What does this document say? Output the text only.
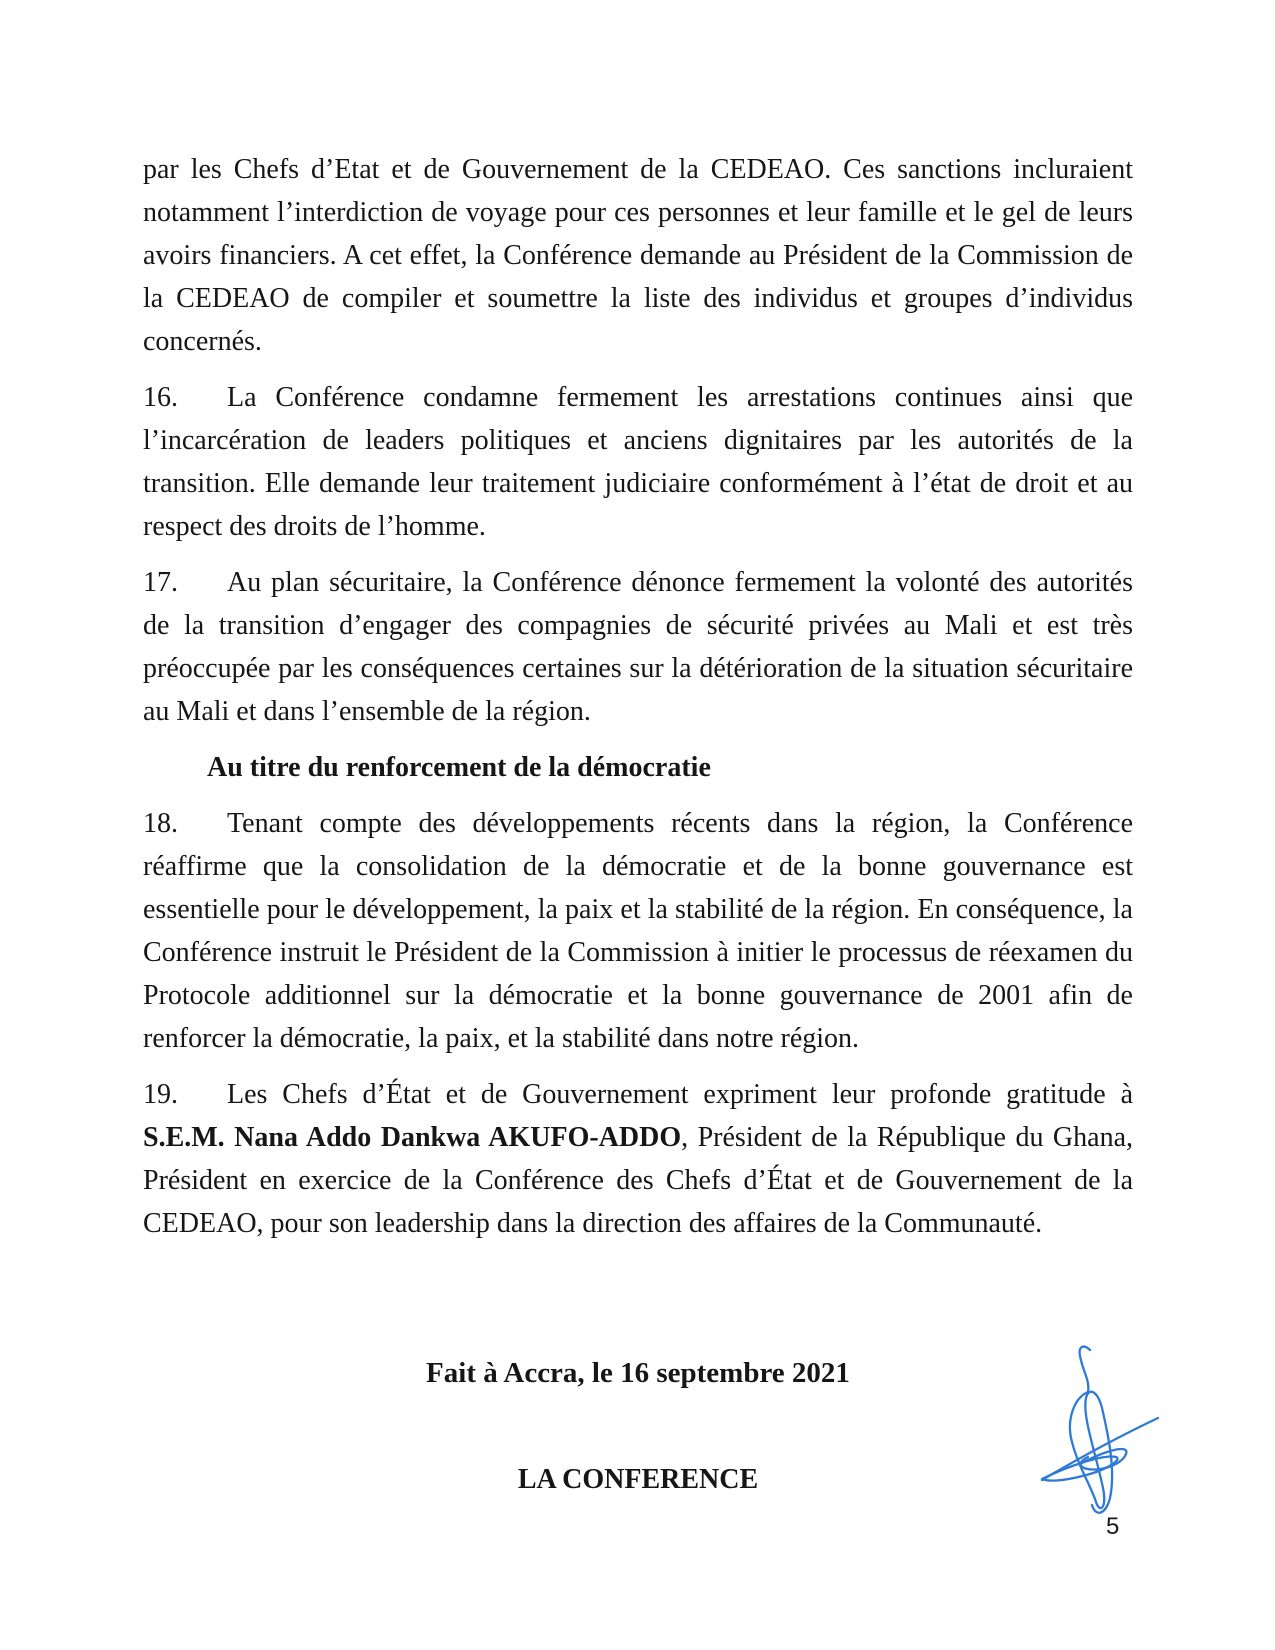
par les Chefs d’Etat et de Gouvernement de la CEDEAO. Ces sanctions incluraient notamment l’interdiction de voyage pour ces personnes et leur famille et le gel de leurs avoirs financiers. A cet effet, la Conférence demande au Président de la Commission de la CEDEAO de compiler et soumettre la liste des individus et groupes d’individus concernés.

16. La Conférence condamne fermement les arrestations continues ainsi que l’incarcération de leaders politiques et anciens dignitaires par les autorités de la transition. Elle demande leur traitement judiciaire conformément à l’état de droit et au respect des droits de l’homme.

17. Au plan sécuritaire, la Conférence dénonce fermement la volonté des autorités de la transition d’engager des compagnies de sécurité privées au Mali et est très préoccupée par les conséquences certaines sur la détérioration de la situation sécuritaire au Mali et dans l’ensemble de la région.

Au titre du renforcement de la démocratie

18. Tenant compte des développements récents dans la région, la Conférence réaffirme que la consolidation de la démocratie et de la bonne gouvernance est essentielle pour le développement, la paix et la stabilité de la région. En conséquence, la Conférence instruit le Président de la Commission à initier le processus de réexamen du Protocole additionnel sur la démocratie et la bonne gouvernance de 2001 afin de renforcer la démocratie, la paix, et la stabilité dans notre région.

19. Les Chefs d’État et de Gouvernement expriment leur profonde gratitude à S.E.M. Nana Addo Dankwa AKUFO-ADDO, Président de la République du Ghana, Président en exercice de la Conférence des Chefs d’État et de Gouvernement de la CEDEAO, pour son leadership dans la direction des affaires de la Communauté.

Fait à Accra, le 16 septembre 2021
LA CONFERENCE
5
